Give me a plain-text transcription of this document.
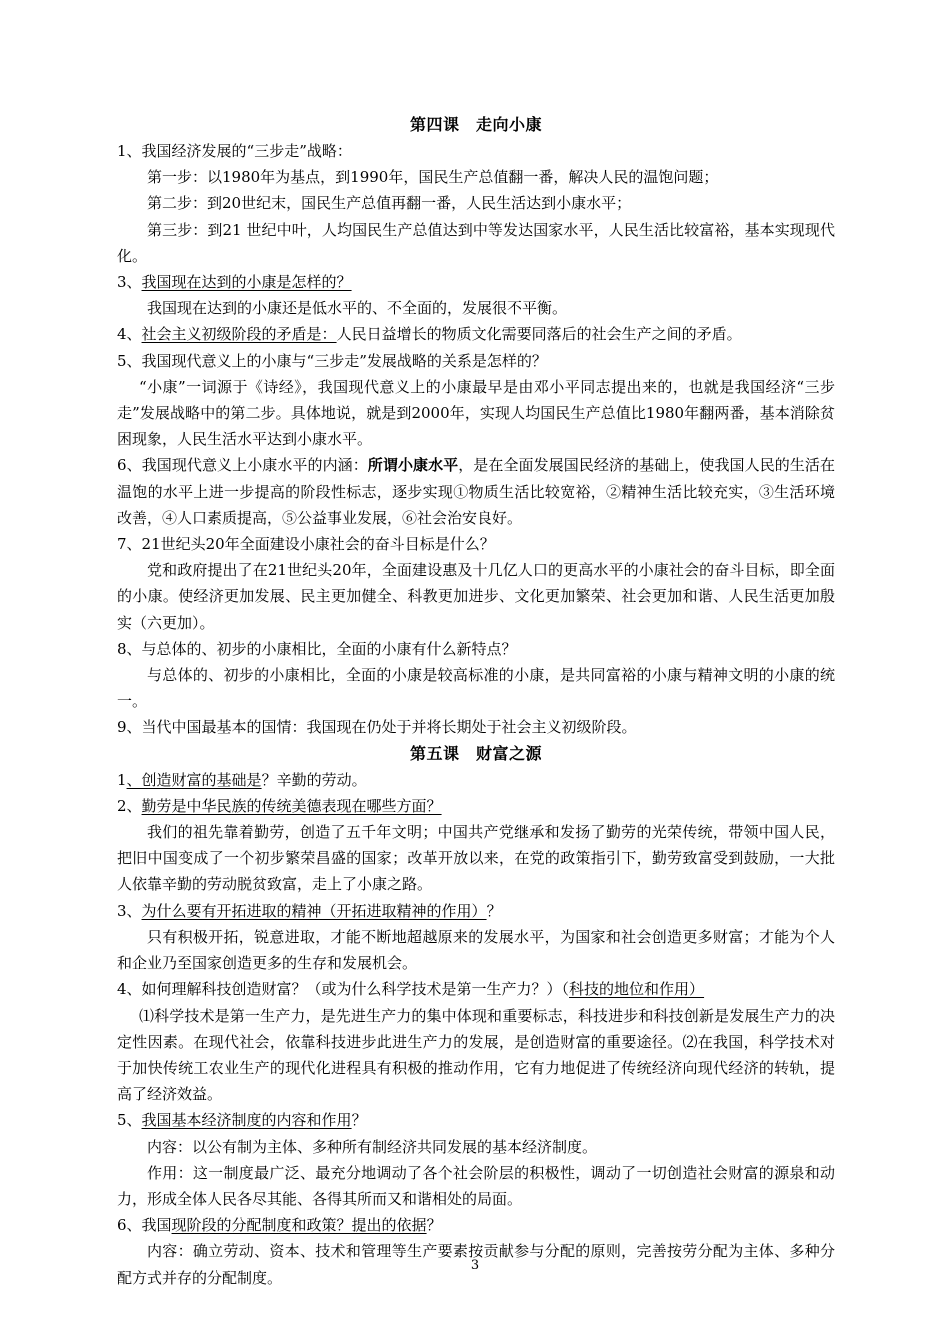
第四课　走向小康

1、我国经济发展的“三步走”战略：

第一步：以1980年为基点，到1990年，国民生产总值翻一番，解决人民的温饱问题；

第二步：到20世纪末，国民生产总值再翻一番，人民生活达到小康水平；

第三步：到21 世纪中叶，人均国民生产总值达到中等发达国家水平，人民生活比较富裕，基本实现现代化。

3、我国现在达到的小康是怎样的？

我国现在达到的小康还是低水平的、不全面的，发展很不平衡。

4、社会主义初级阶段的矛盾是：人民日益增长的物质文化需要同落后的社会生产之间的矛盾。

5、我国现代意义上的小康与“三步走”发展战略的关系是怎样的？

“小康”一词源于《诗经》，我国现代意义上的小康最早是由邓小平同志提出来的，也就是我国经济“三步走”发展战略中的第二步。具体地说，就是到2000年，实现人均国民生产总值比1980年翻两番，基本消除贫困现象，人民生活水平达到小康水平。

6、我国现代意义上小康水平的内涵：所谓小康水平，是在全面发展国民经济的基础上，使我国人民的生活在温饱的水平上进一步提高的阶段性标志，逐步实现①物质生活比较宽裕，②精神生活比较充实，③生活环境改善，④人口素质提高，⑤公益事业发展，⑥社会治安良好。

7、21世纪头20年全面建设小康社会的奋斗目标是什么？

党和政府提出了在21世纪头20年，全面建设惠及十几亿人口的更高水平的小康社会的奋斗目标，即全面的小康。使经济更加发展、民主更加健全、科教更加进步、文化更加繁荣、社会更加和谐、人民生活更加殷实（六更加）。

8、与总体的、初步的小康相比，全面的小康有什么新特点？

与总体的、初步的小康相比，全面的小康是较高标准的小康，是共同富裕的小康与精神文明的小康的统一。

9、当代中国最基本的国情：我国现在仍处于并将长期处于社会主义初级阶段。

第五课　财富之源

1、创造财富的基础是？辛勤的劳动。

2、勤劳是中华民族的传统美德表现在哪些方面？

我们的祖先靠着勤劳，创造了五千年文明；中国共产党继承和发扬了勤劳的光荣传统，带领中国人民，把旧中国变成了一个初步繁荣昌盛的国家；改革开放以来，在党的政策指引下，勤劳致富受到鼓励，一大批人依靠辛勤的劳动脱贫致富，走上了小康之路。

3、为什么要有开拓进取的精神（开拓进取精神的作用）？

只有积极开拓，锐意进取，才能不断地超越原来的发展水平，为国家和社会创造更多财富；才能为个人和企业乃至国家创造更多的生存和发展机会。

4、如何理解科技创造财富？（或为什么科学技术是第一生产力？）（科技的地位和作用）

⑴科学技术是第一生产力，是先进生产力的集中体现和重要标志，科技进步和科技创新是发展生产力的决定性因素。在现代社会，依靠科技进步此进生产力的发展，是创造财富的重要途径。⑵在我国，科学技术对于加快传统工农业生产的现代化进程具有积极的推动作用，它有力地促进了传统经济向现代经济的转轨，提高了经济效益。

5、我国基本经济制度的内容和作用？

内容：以公有制为主体、多种所有制经济共同发展的基本经济制度。

作用：这一制度最广泛、最充分地调动了各个社会阶层的积极性，调动了一切创造社会财富的源泉和动力，形成全体人民各尽其能、各得其所而又和谐相处的局面。

6、我国现阶段的分配制度和政策？提出的依据？

内容：确立劳动、资本、技术和管理等生产要素按贡献参与分配的原则，完善按劳分配为主体、多种分配方式并存的分配制度。

3
